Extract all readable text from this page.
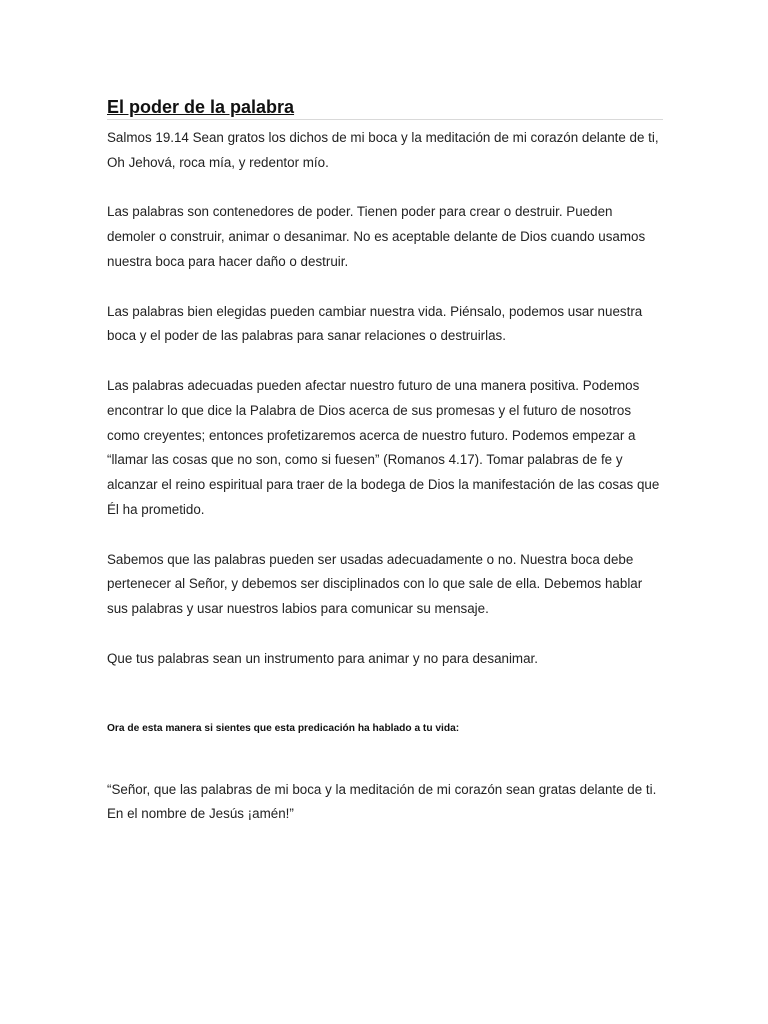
El poder de la palabra

Salmos 19.14 Sean gratos los dichos de mi boca y la meditación de mi corazón delante de ti, Oh Jehová, roca mía, y redentor mío.

Las palabras son contenedores de poder. Tienen poder para crear o destruir. Pueden demoler o construir, animar o desanimar. No es aceptable delante de Dios cuando usamos nuestra boca para hacer daño o destruir.

Las palabras bien elegidas pueden cambiar nuestra vida. Piénsalo, podemos usar nuestra boca y el poder de las palabras para sanar relaciones o destruirlas.

Las palabras adecuadas pueden afectar nuestro futuro de una manera positiva. Podemos encontrar lo que dice la Palabra de Dios acerca de sus promesas y el futuro de nosotros como creyentes; entonces profetizaremos acerca de nuestro futuro. Podemos empezar a “llamar las cosas que no son, como si fuesen” (Romanos 4.17). Tomar palabras de fe y alcanzar el reino espiritual para traer de la bodega de Dios la manifestación de las cosas que Él ha prometido.

Sabemos que las palabras pueden ser usadas adecuadamente o no. Nuestra boca debe pertenecer al Señor, y debemos ser disciplinados con lo que sale de ella. Debemos hablar sus palabras y usar nuestros labios para comunicar su mensaje.

Que tus palabras sean un instrumento para animar y no para desanimar.

Ora de esta manera si sientes que esta predicación ha hablado a tu vida:

“Señor, que las palabras de mi boca y la meditación de mi corazón sean gratas delante de ti. En el nombre de Jesús ¡amén!”
